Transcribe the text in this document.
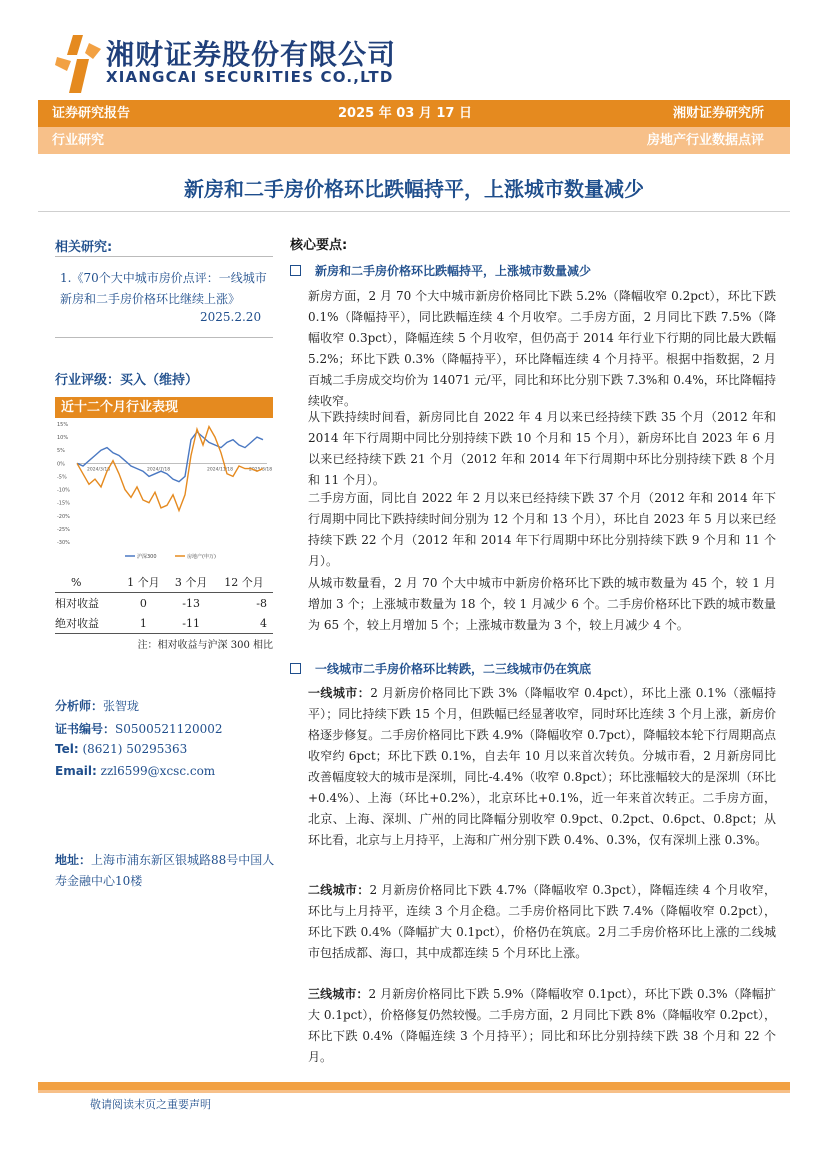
湘财证券股份有限公司
XIANGCAI SECURITIES CO.,LTD
证券研究报告	2025 年 03 月 17 日	湘财证券研究所
行业研究	房地产行业数据点评
新房和二手房价格环比跌幅持平，上涨城市数量减少
相关研究:
1.《70个大中城市房价点评：一线城市新房和二手房价格环比继续上涨》
2025.2.20
行业评级：买入（维持）
近十二个月行业表现
15%
10%
5%
0%
-5%
-10%
-15%
-20%
-25%
-30%
2024/3/18	2024/7/18	2024/11/18	2025/3/18
沪深300	房地产(申万)
%	1 个月	3 个月	12 个月
相对收益	0	-13	-8
绝对收益	1	-11	4
注：相对收益与沪深 300 相比
分析师：张智珑
证书编号：S0500521120002
Tel: (8621) 50295363
Email: zzl6599@xcsc.com
地址：上海市浦东新区银城路88号中国人寿金融中心10楼
核心要点:
新房和二手房价格环比跌幅持平，上涨城市数量减少

新房方面，2 月 70 个大中城市新房价格同比下跌 5.2%（降幅收窄 0.2pct），环比下跌 0.1%（降幅持平），同比跌幅连续 4 个月收窄。二手房方面，2 月同比下跌 7.5%（降幅收窄 0.3pct），降幅连续 5 个月收窄，但仍高于 2014 年行业下行期的同比最大跌幅 5.2%；环比下跌 0.3%（降幅持平），环比降幅连续 4 个月持平。根据中指数据，2 月百城二手房成交均价为 14071 元/平，同比和环比分别下跌 7.3%和 0.4%，环比降幅持续收窄。

从下跌持续时间看，新房同比自 2022 年 4 月以来已经持续下跌 35 个月（2012 年和 2014 年下行周期中同比分别持续下跌 10 个月和 15 个月），新房环比自 2023 年 6 月以来已经持续下跌 21 个月（2012 年和 2014 年下行周期中环比分别持续下跌 8 个月和 11 个月）。

二手房方面，同比自 2022 年 2 月以来已经持续下跌 37 个月（2012 年和 2014 年下行周期中同比下跌持续时间分别为 12 个月和 13 个月），环比自 2023 年 5 月以来已经持续下跌 22 个月（2012 年和 2014 年下行周期中环比分别持续下跌 9 个月和 11 个月）。

从城市数量看，2 月 70 个大中城市中新房价格环比下跌的城市数量为 45 个，较 1 月增加 3 个；上涨城市数量为 18 个，较 1 月减少 6 个。二手房价格环比下跌的城市数量为 65 个，较上月增加 5 个；上涨城市数量为 3 个，较上月减少 4 个。

一线城市二手房价格环比转跌，二三线城市仍在筑底

一线城市：2 月新房价格同比下跌 3%（降幅收窄 0.4pct），环比上涨 0.1%（涨幅持平）；同比持续下跌 15 个月，但跌幅已经显著收窄，同时环比连续 3 个月上涨，新房价格逐步修复。二手房价格同比下跌 4.9%（降幅收窄 0.7pct），降幅较本轮下行周期高点收窄约 6pct；环比下跌 0.1%，自去年 10 月以来首次转负。分城市看，2 月新房同比改善幅度较大的城市是深圳，同比-4.4%（收窄 0.8pct）；环比涨幅较大的是深圳（环比+0.4%）、上海（环比+0.2%），北京环比+0.1%，近一年来首次转正。二手房方面，北京、上海、深圳、广州的同比降幅分别收窄 0.9pct、0.2pct、0.6pct、0.8pct；从环比看，北京与上月持平，上海和广州分别下跌 0.4%、0.3%，仅有深圳上涨 0.3%。

二线城市：2 月新房价格同比下跌 4.7%（降幅收窄 0.3pct），降幅连续 4 个月收窄，环比与上月持平，连续 3 个月企稳。二手房价格同比下跌 7.4%（降幅收窄 0.2pct），环比下跌 0.4%（降幅扩大 0.1pct），价格仍在筑底。2月二手房价格环比上涨的二线城市包括成都、海口，其中成都连续 5 个月环比上涨。

三线城市：2 月新房价格同比下跌 5.9%（降幅收窄 0.1pct），环比下跌 0.3%（降幅扩大 0.1pct），价格修复仍然较慢。二手房方面，2 月同比下跌 8%（降幅收窄 0.2pct），环比下跌 0.4%（降幅连续 3 个月持平）；同比和环比分别持续下跌 38 个月和 22 个月。

敬请阅读末页之重要声明
